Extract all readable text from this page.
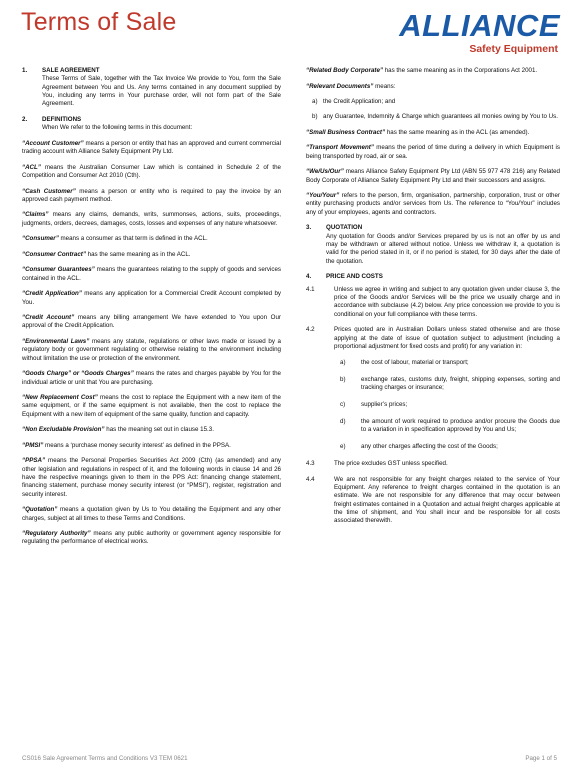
Terms of Sale	ALLIANCE
Safety Equipment
1. SALE AGREEMENT
These Terms of Sale, together with the Tax Invoice We provide to You, form the Sale Agreement between You and Us. Any terms contained in any document supplied by You, including any terms in Your purchase order, will not form part of the Sale Agreement.
2. DEFINITIONS
When We refer to the following terms in this document:
“Account Customer” means a person or entity that has an approved and current commercial trading account with Alliance Safety Equipment Pty Ltd.
“ACL” means the Australian Consumer Law which is contained in Schedule 2 of the Competition and Consumer Act 2010 (Cth).
“Cash Customer” means a person or entity who is required to pay the invoice by an approved cash payment method.
“Claims” means any claims, demands, writs, summonses, actions, suits, proceedings, judgments, orders, decrees, damages, costs, losses and expenses of any nature whatsoever.
“Consumer” means a consumer as that term is defined in the ACL.
“Consumer Contract” has the same meaning as in the ACL.
“Consumer Guarantees” means the guarantees relating to the supply of goods and services contained in the ACL.
“Credit Application” means any application for a Commercial Credit Account completed by You.
“Credit Account” means any billing arrangement We have extended to You upon Our approval of the Credit Application.
“Environmental Laws” means any statute, regulations or other laws made or issued by a regulatory body or government regulating or otherwise relating to the environment including without limitation the use or protection of the environment.
“Goods Charge” or “Goods Charges” means the rates and charges payable by You for the individual article or unit that You are purchasing.
“New Replacement Cost” means the cost to replace the Equipment with a new item of the same equipment, or if the same equipment is not available, then the cost to replace the Equipment with a new item of equipment of the same quality, function and capacity.
“Non Excludable Provision” has the meaning set out in clause 15.3.
“PMSI” means a ‘purchase money security interest’ as defined in the PPSA.
“PPSA” means the Personal Properties Securities Act 2009 (Cth) (as amended) and any other legislation and regulations in respect of it, and the following words in clause 14 and 26 have the respective meanings given to them in the PPS Act: financing change statement, financing statement, purchase money security interest (or “PMSI”), register, registration and security interest.
“Quotation” means a quotation given by Us to You detailing the Equipment and any other charges, subject at all times to these Terms and Conditions.
“Regulatory Authority” means any public authority or government agency responsible for regulating the performance of electrical works.
“Related Body Corporate” has the same meaning as in the Corporations Act 2001.
“Relevant Documents” means:
a) the Credit Application; and
b) any Guarantee, Indemnity & Charge which guarantees all monies owing by You to Us.
“Small Business Contract” has the same meaning as in the ACL (as amended).
“Transport Movement” means the period of time during a delivery in which Equipment is being transported by road, air or sea.
“We/Us/Our” means Alliance Safety Equipment Pty Ltd (ABN 55 977 478 216) any Related Body Corporate of Alliance Safety Equipment Pty Ltd and their successors and assigns.
“You/Your” refers to the person, firm, organisation, partnership, corporation, trust or other entity purchasing products and/or services from Us. The reference to “You/Your” includes any of your employees, agents and contractors.
3. QUOTATION
Any quotation for Goods and/or Services prepared by us is not an offer by us and may be withdrawn or altered without notice. Unless we withdraw it, a quotation is valid for the period stated in it, or if no period is stated, for 30 days after the date of the quotation.
4. PRICE AND COSTS
4.1	Unless we agree in writing and subject to any quotation given under clause 3, the price of the Goods and/or Services will be the price we usually charge and in accordance with subclause (4.2) below. Any price concession we provide to you is conditional on your full compliance with these terms.
4.2	Prices quoted are in Australian Dollars unless stated otherwise and are those applying at the date of issue of quotation subject to adjustment (including a proportional adjustment for fixed costs and profit) for any variation in:
a) the cost of labour, material or transport;
b) exchange rates, customs duty, freight, shipping expenses, sorting and tracking charges or insurance;
c)	supplier’s prices;
d) the amount of work required to produce and/or procure the Goods due to a variation in in specification approved by You and Us;
e) any other charges affecting the cost of the Goods;
4.3	The price excludes GST unless specified.
4.4	We are not responsible for any freight charges related to the service of Your Equipment. Any reference to freight charges contained in the quotation is an estimate. We are not responsible for any difference that may occur between freight estimates contained in a Quotation and actual freight charges applicable at the time of shipment, and You shall incur and be responsible for all costs associated therewith.
CS016 Sale Agreement Terms and Conditions V3 TEM 0621	Page 1 of 5
